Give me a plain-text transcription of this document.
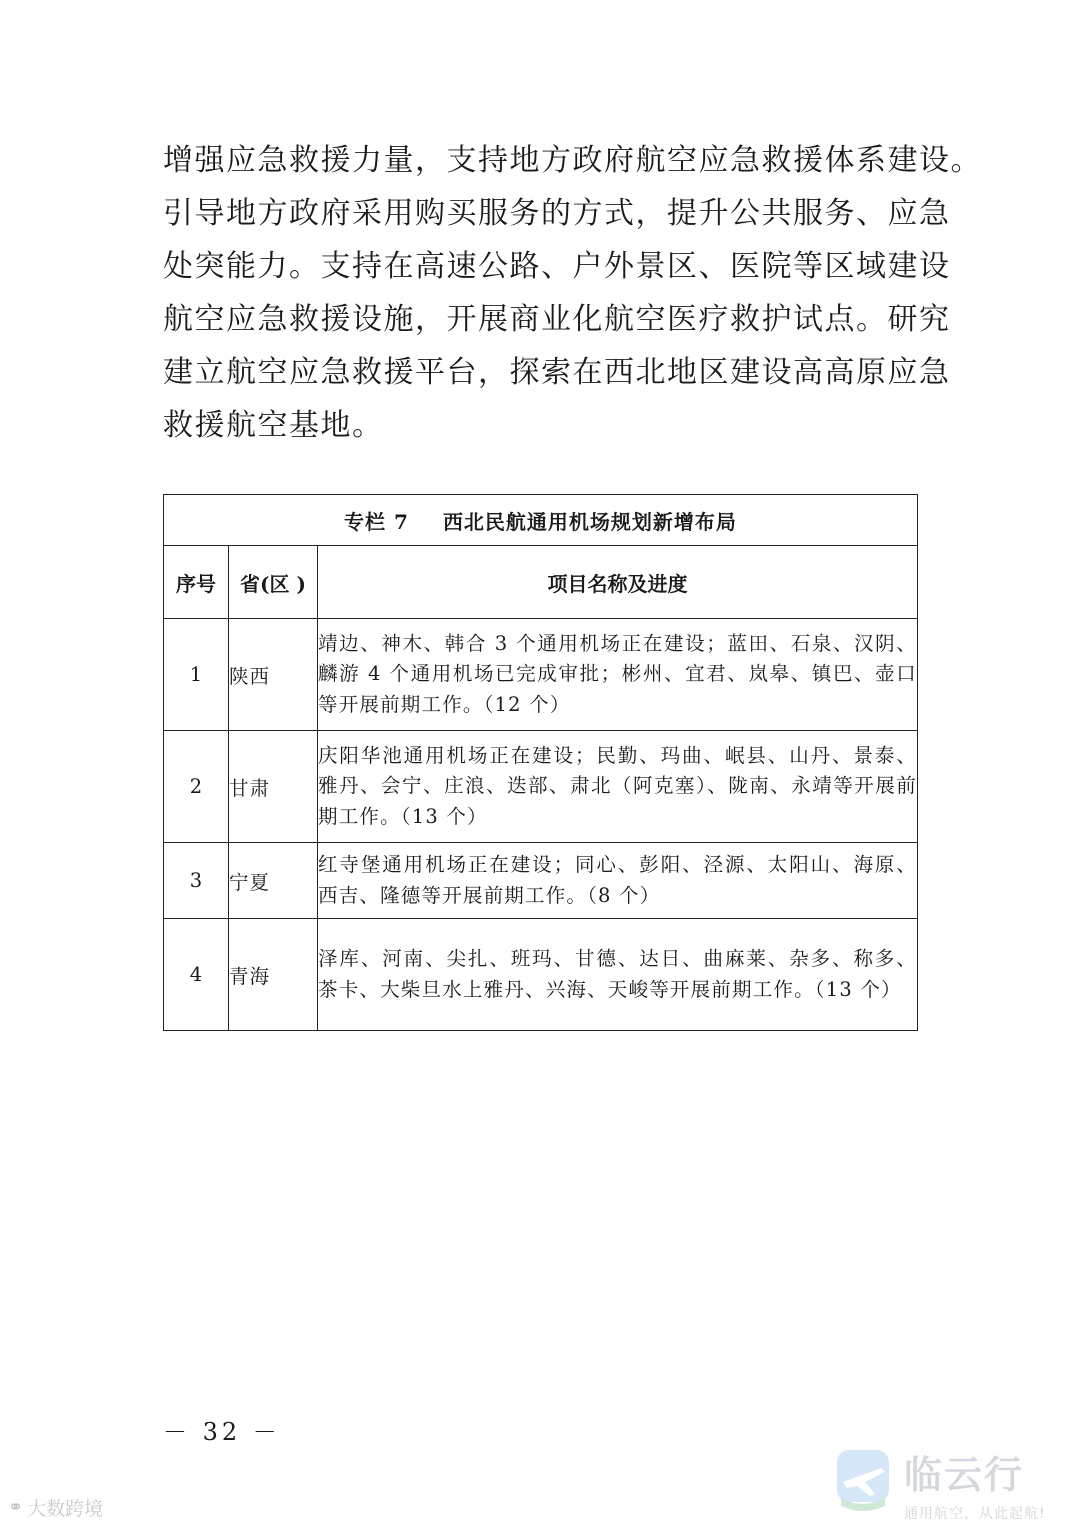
增强应急救援力量，支持地方政府航空应急救援体系建设。
引导地方政府采用购买服务的方式，提升公共服务、应急
处突能力。支持在高速公路、户外景区、医院等区域建设
航空应急救援设施，开展商业化航空医疗救护试点。研究
建立航空应急救援平台，探索在西北地区建设高高原应急
救援航空基地。
专栏 7 西北民航通用机场规划新增布局		
序号	省(区 )	项目名称及进度
1	陕西	靖边、神木、韩合 3 个通用机场正在建设；蓝田、石泉、汉阴、麟游 4 个通用机场已完成审批；彬州、宜君、岚皋、镇巴、壶口等开展前期工作。（12 个）
2	甘肃	庆阳华池通用机场正在建设；民勤、玛曲、岷县、山丹、景泰、雅丹、会宁、庄浪、迭部、肃北（阿克塞）、陇南、永靖等开展前期工作。（13 个）
3	宁夏	红寺堡通用机场正在建设；同心、彭阳、泾源、太阳山、海原、西吉、隆德等开展前期工作。（8 个）
4	青海	泽库、河南、尖扎、班玛、甘德、达日、曲麻莱、杂多、称多、茶卡、大柴旦水上雅丹、兴海、天峻等开展前期工作。（13 个）
－ 32 －
⚭ 大数跨境
临云行
通用航空，从此起航!
